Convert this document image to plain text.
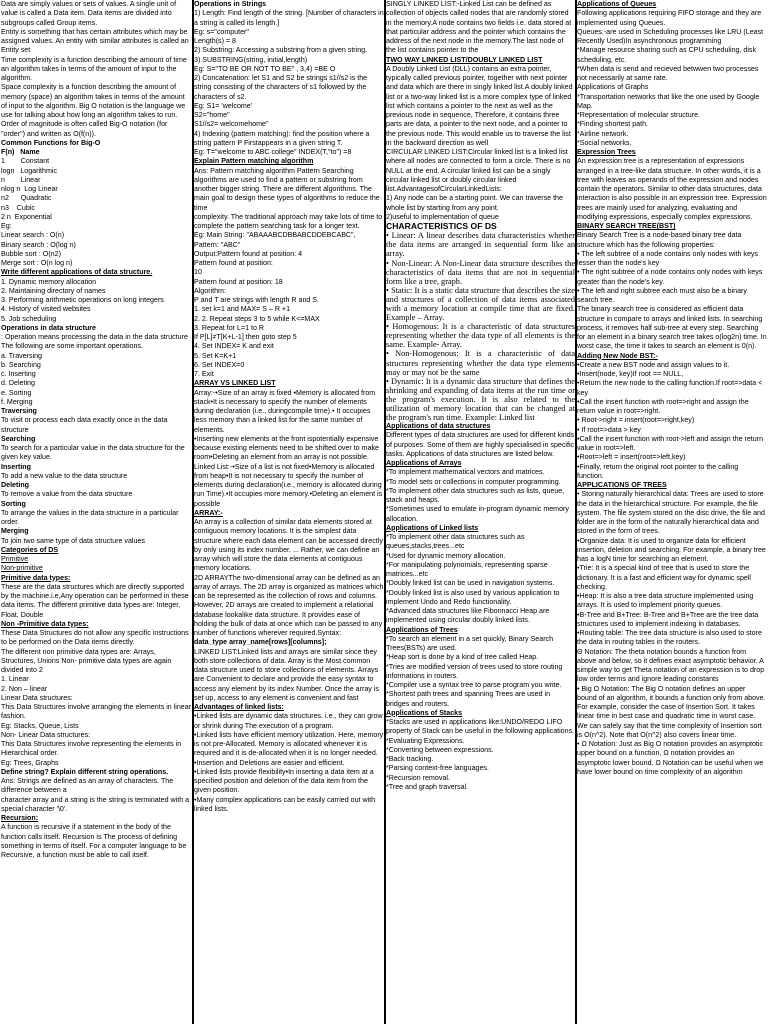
Data are simply values or sets of values. A single unit of value is called a Data item. Data items are divided into subgroups called Group items.

Entity is something that has certain attributes which may be assigned values. An entity with similar attributes is called an Entity set

Time complexity is a function describing the amount of time an algorithm takes in terms of the amount of input to the algorithm.

Space complexity is a function describing the amount of memory (space) an algorithm takes in terms of the amount of input to the algorithm. Big O notation is the language we use for talking about how long an algorithm takes to run. Order of magnitude is often called Big-O notation (for "order") and written as O(f(n)).

Common Functions for Big-O

F(n)   Name

1        Constant

logn   Logarithmic

n        Linear

nlog n  Log Linear

n2      Quadratic

n3    Cubic

2 n  Exponential

Eg:

Linear search : O(n)

Binary search : O(log n)

Bubble sort : O(n2)

Merge sort : O(n log n)

Write different applications of data structure.

1. Dynamic memory allocation

2. Maintaining directory of names

3. Performing arithmetic operations on long integers

4. History of visited websites

5. Job scheduling

Operations in data structure

: Operation means processing the data in the data structure

The following are some important operations.

a. Traversing

b. Searching

c. Inserting

d. Deleting

e. Sorting

f. Merging

Traversing

To visit or process each data exactly once in the data structure

Searching

To search for a particular value in the data structure for the given key value.

Inserting

To add a new value to the data structure

Deleting

To remove a value from the data structure

Sorting

To arrange the values in the data structure in a particular order.

Merging

To join two same type of data structure values

Categories of DS

Primitive

Non-primitive

Primitive data types:

These are the data structures which are directly supported by the machine.i.e,Any operation can be performed in these data items. The different primitive data types are: Integer, Float, Double

Non -Primitive data types:

These Data Structures do not allow any specific instructions to be performed on the Data items directly.

The different non primitive data types are: Arrays, Structures, Unions Non- primitive data types are again divided into 2

1. Linear

2. Non – linear

Linear Data structures:

This Data Structures involve arranging the elements in linear fashion.

Eg: Stacks, Queue, Lists

Non- Linear Data structures:

This Data Structures involve representing the elements in Hierarchical order.

Eg: Trees, Graphs

Define string? Explain different string operations.

Ans: Strings are defined as an array of characters. The difference between a

character array and a string is the string is terminated with a special character '\0'.

Recursion:

A function is recursive if a statement in the body of the function calls itself. Recursion is The process of defining something in terms of itself. For a computer language to be Recursive, a function must be able to call itself.

Operations in Strings

1) Length: Find length of the string. [Number of characters in a string is called its length.]

Eg: s="computer"

Length(s) = 8

2) Substring: Accessing a substring from a given string.

3) SUBSTRING(string, initial,length)

Eg: S="TO BE OR NOT TO BE" , 3,4) =BE O

2) Concatenation: let S1 and S2 be strings s1//s2 is the string consisting of the characters of s1 followed by the characters of s2.

Eg: S1= 'welcome'

S2="home"

S1//s2= welcomehome"

4) Indexing (pattern matching): find the position where a string pattern P Firstappears in a given string T.

Eg: T="welcome to ABC college" INDEX(T,"to") =8

Explain Pattern matching algorithm

Ans: Pattern matching algorithm Pattern Searching algorithms are used to find a pattern or substring from another bigger string. There are different algorithms. The main goal to design these types of algorithms to reduce the time

complexity. The traditional approach may take lots of time to complete the pattern searching task for a longer text.

Eg: Main String: "ABAAABCDBBABCDDEBCABC",

Pattern: "ABC"

Output:Pattern found at position: 4

Pattern found at position:

10

Pattern found at position: 18

Algorithm:

P and T are strings with length R and S.

1. set k=1 and MAX= S – R +1

2. 2. Repeat steps 3 to 5 while K<=MAX

3. Repeat for L=1 to R

If P[L]≠T[K+L-1] then goto step 5

4. Set INDEX= K and exit

5. Set K=K+1

6. Set INDEX=0

7. Exit

ARRAY VS LINKED LIST

Array:-•Size of an array is fixed •Memory is allocated from stack•It is necessary to specify the number of elements during declaration (i.e., duringcompile time).• It occupies less memory than a linked list for the same number of elements.

•Inserting new elements at the front ispotentially expensive because existing elements need to be shifted over to make room•Deleting an element from an array is not possible.

Linked List:-•Size of a list is not fixed•Memory is allocated from heap•It is not necessary to specify the number of elements during declaration(i.e., memory is allocated during run Time).•It occupies more memory.•Deleting an element is possible

ARRAY:-

An array is a collection of similar data elements stored at contiguous memory locations. It is the simplest data structure where each data element can be accessed directly by only using its index number. ... Rather, we can define an array which will store the data elements at contiguous memory locations.

2D ARRAYThe two-dimensional array can be defined as an array of arrays. The 2D array is organized as matrices which can be represented as the collection of rows and columns. However, 2D arrays are created to implement a relational database lookalike data structure. It provides ease of holding the bulk of data at once which can be passed to any number of functions wherever required.Syntax:

data_type array_name[rows][columns];

LINKED LIST:Linked lists and arrays are similar since they both store collections of data. Array is the Most common data structure used to store collections of elements. Arrays are Convenient to declare and provide the easy syntax to access any element by its index Number. Once the array is set up, access to any element is convenient and fast

Advantages of linked lists:

•Linked lists are dynamic data structures. i.e., they can grow or shrink during The execution of a program.

•Linked lists have efficient memory utilization. Here, memory is not pre-Allocated. Memory is allocated whenever it is required and it is de-allocated when it is no longer needed. •Insertion and Deletions are easier and efficient.

•Linked lists provide flexibility•In inserting a data item at a specified position and deletion of the data item from the given position.

•Many complex applications can be easily carried out with linked lists.

SINGLY LINKED LIST:-Linked List can be defined as collection of objects called nodes that are randomly stored in the memory.A node contains two fields i.e. data stored at that particular address and the pointer which contains the address of the next node in the memory.The last node of the list contains pointer to the

TWO WAY LINKED LIST/DOUBLY LINKED LIST

A Doubly Linked List (DLL) contains an extra pointer, typically called previous pointer, together with next pointer and data which are there in singly linked list.A doubly linked list or a two-way linked list is a more complex type of linked list which contains a pointer to the next as well as the previous node in sequence, Therefore, it contains three parts are data, a pointer to the next node, and a pointer to the previous node. This would enable us to traverse the list in the backward direction as well

CIRCULAR LINKED LIST:Circular linked list is a linked list where all nodes are connected to form a circle. There is no NULL at the end. A circular linked list can be a singly circular linked list or doubly circular linked list.AdvantagesofCircularLinkedLists:

1) Any node can be a starting point. We can traverse the whole list by starting from any point.

2)useful to implementation of queue

CHARACTERISTICS OF DS

• Linear: A linear describes data characteristics whether the data items are arranged in sequential form like an array.

• Non-Linear: A Non-Linear data structure describes the characteristics of data items that are not in sequential form like a tree, graph.

• Static: It is a static data structure that describes the size and structures of a collection of data items associated with a memory location at compile time that are fixed. Example – Array.

• Homogenous: It is a characteristic of data structures representing whether the data type of all elements is the same. Example- Array.

• Non-Homogenous: It is a characteristic of data structures representing whether the data type elements may or may not be the same

• Dynamic: It is a dynamic data structure that defines the shrinking and expanding of data items at the run time or the program's execution. It is also related to the utilization of memory location that can be changed at the program's run time. Example: Linked list

Applications of data structures

Different types of data structures are used for different kinds of purposes. Some of them are highly specialised in specific tasks. Applications of data structures are listed below.

Applications of Arrays

*To implement mathematical vectors and matrices.

*To model sets or collections in computer programming.

*To implement other data structures such as lists, queue, stack and heaps.

*Sometimes used to emulate in-program dynamic memory allocation.

Applications of Linked lists

*To implement other data structures such as queues,stacks,trees...etc

*Used for dynamic memory allocation.

*For manipulating polynomials, representing sparse matrices...etc

*Doubly linked list can be used in navigation systems.

*Doubly linked list is also used by various application to implement Undo and Redo functionality.

*Advanced data structures like Fibonnacci Heap are implemented using circular doubly linked lists.

Applications of Trees

*To search an element in a set quickly, Binary Search Trees(BSTs) are used.

*Heap sort is done by a kind of tree called Heap.

*Tries are modified version of trees used to store routing informations in routers.

*Compiler use a syntax tree to parse program you write.

*Shortest path trees and spanning Trees are used in bridges and routers.

Applications of Stacks

*Stacks are used in applications like:UNDO/REDO LIFO property of Stack can be useful in the following applications.

*Evaluating Expressions.

*Converting between expressions.

*Back tracking.

*Parsing context-free languages.

*Recursion removal.

*Tree and graph traversal.

Applications of Queues

Following applications requiring FIFO storage and they are implemented using Queues.

Queues:-are used in Scheduling processes like LRU (Least Recently Used)In asynchronous programming

*Manage resource sharing such as CPU scheduling, disk scheduling, etc.

*When data is send and recieved betwwen two processes not necessarily at same rate.

Applications of Graphs

*Transportation networks that like the one used by Google Map.

*Representation of molecular structure.

*Finding shortest path.

*Airline network.

*Social networks.

Expression Trees

An expression tree is a representation of expressions arranged in a tree-like data structure. In other words, it is a tree with leaves as operands of the expression and nodes contain the operators. Similar to other data structures, data interaction is also possible in an expression tree. Expression trees are mainly used for analyzing, evaluating and modifying expressions, especially complex expressions.

BINARY SEARCH TREE(BST)

Binary Search Tree is a node-based binary tree data structure which has the following properties:

• The left subtree of a node contains only nodes with keys lesser than the node's key

• The right subtree of a node contains only nodes with keys greater than the node's key.

• The left and right subtree each must also be a binary search tree.

The binary search tree is considered as efficient data structure in compare to arrays and linked lists. In searching process, it removes half sub-tree at every step. Searching for an element in a binary search tree takes o(log2n) time. In worst case, the time it takes to search an element is 0(n).

Adding New Node BST:-

•Create a new BST node and assign values to it.

•Insert(node, key)If root == NULL,

•Return the new node to the calling function.If root=>data < key

•Call the insert function with root=>right and assign the return value in root=>right.

• Root->right = insert(root=>right,key)

• If root=>data > key

•Call the insert function with root->left and assign the return value in root=>left.

•Root=>left = insert(root=>left,key)

•Finally, return the original root pointer to the calling function.

APPLICATIONS OF TREES

• Storing naturally hierarchical data: Trees are used to store the data in the hierarchical structure. For example, the file system. The file system stored on the disc drive, the file and folder are in the form of the naturally hierarchical data and stored in the form of trees.

•Organize data: It is used to organize data for efficient insertion, deletion and searching. For example, a binary tree has a logN time for searching an element.

•Trie: It is a special kind of tree that is used to store the dictionary. It is a fast and efficient way for dynamic spell checking.

•Heap: It is also a tree data structure implemented using arrays. It is used to implement priority queues.

•B-Tree and B+Tree: B-Tree and B+Tree are the tree data structures used to implement indexing in databases.

•Routing table: The tree data structure is also used to store the data in routing tables in the routers.

Θ Notation: The theta notation bounds a function from above and below, so it defines exact asymptotic behavior. A simple way to get Theta notation of an expression is to drop low order terms and ignore leading constants

• Big O Notation: The Big O notation defines an upper bound of an algorithm, it bounds a function only from above. For example, consider the case of Insertion Sort. It takes linear time in best case and quadratic time in worst case. We can safely say that the time complexity of Insertion sort is O(n^2). Note that O(n^2) also covers linear time.

• Ω Notation: Just as Big O notation provides an asymptotic upper bound on a function, Ω notation provides an asymptotic lower bound. Ω Notation can be useful when we have lower bound on time complexity of an algorithm
